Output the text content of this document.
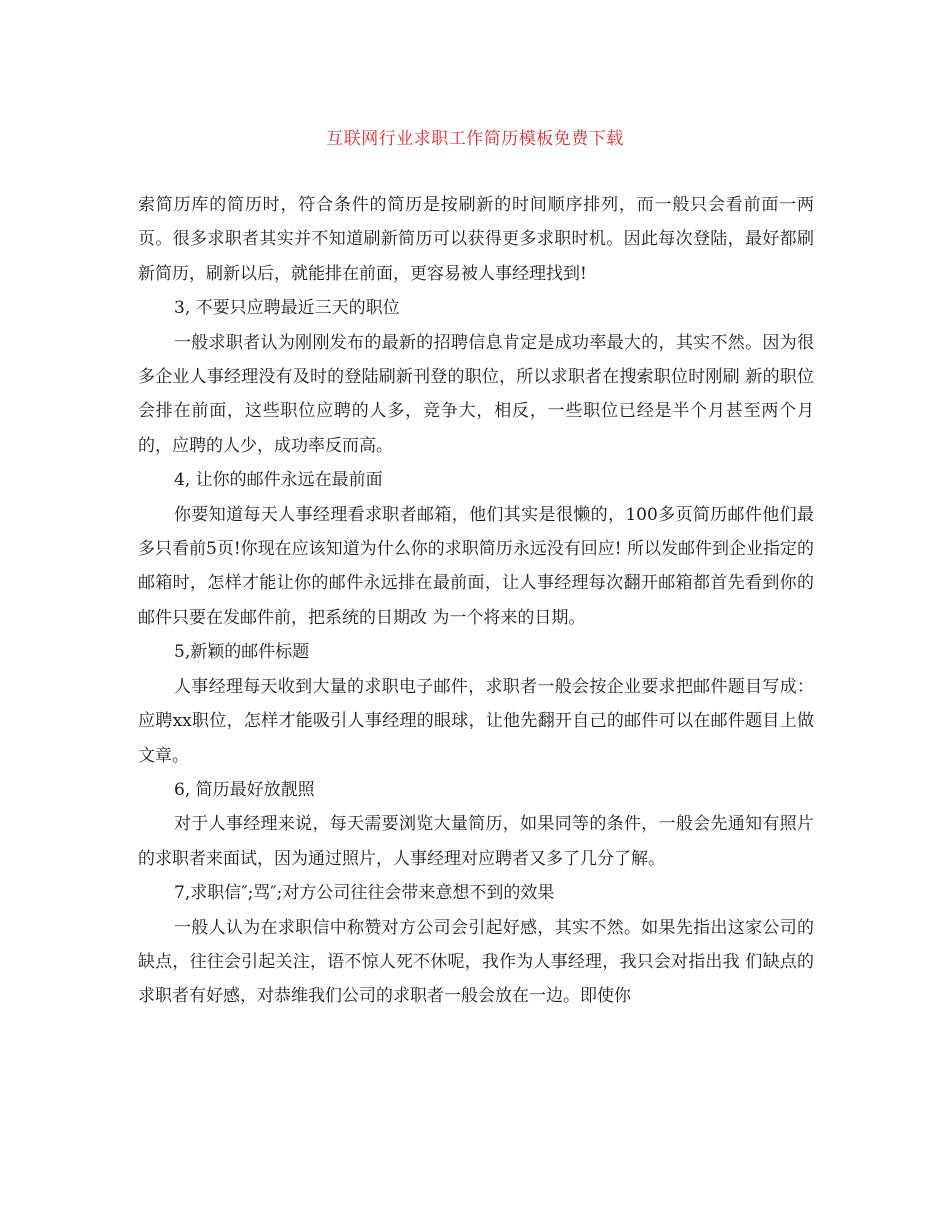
互联网行业求职工作简历模板免费下载

索简历库的简历时，符合条件的简历是按刷新的时间顺序排列，而一般只会看前面一两页。很多求职者其实并不知道刷新简历可以获得更多求职时机。因此每次登陆，最好都刷新简历，刷新以后，就能排在前面，更容易被人事经理找到!

3, 不要只应聘最近三天的职位

一般求职者认为刚刚发布的最新的招聘信息肯定是成功率最大的，其实不然。因为很多企业人事经理没有及时的登陆刷新刊登的职位，所以求职者在搜索职位时刚刷 新的职位会排在前面，这些职位应聘的人多，竞争大，相反，一些职位已经是半个月甚至两个月的，应聘的人少，成功率反而高。

4, 让你的邮件永远在最前面

你要知道每天人事经理看求职者邮箱，他们其实是很懒的，100多页简历邮件他们最多只看前5页!你现在应该知道为什么你的求职简历永远没有回应! 所以发邮件到企业指定的邮箱时，怎样才能让你的邮件永远排在最前面，让人事经理每次翻开邮箱都首先看到你的邮件只要在发邮件前，把系统的日期改 为一个将来的日期。

5,新颖的邮件标题

人事经理每天收到大量的求职电子邮件，求职者一般会按企业要求把邮件题目写成：应聘xx职位，怎样才能吸引人事经理的眼球，让他先翻开自己的邮件可以在邮件题目上做文章。

6, 简历最好放靓照

对于人事经理来说，每天需要浏览大量简历，如果同等的条件，一般会先通知有照片的求职者来面试，因为通过照片，人事经理对应聘者又多了几分了解。

7,求职信″;骂″;对方公司往往会带来意想不到的效果

一般人认为在求职信中称赞对方公司会引起好感，其实不然。如果先指出这家公司的缺点，往往会引起关注，语不惊人死不休呢，我作为人事经理，我只会对指出我 们缺点的求职者有好感，对恭维我们公司的求职者一般会放在一边。即使你
